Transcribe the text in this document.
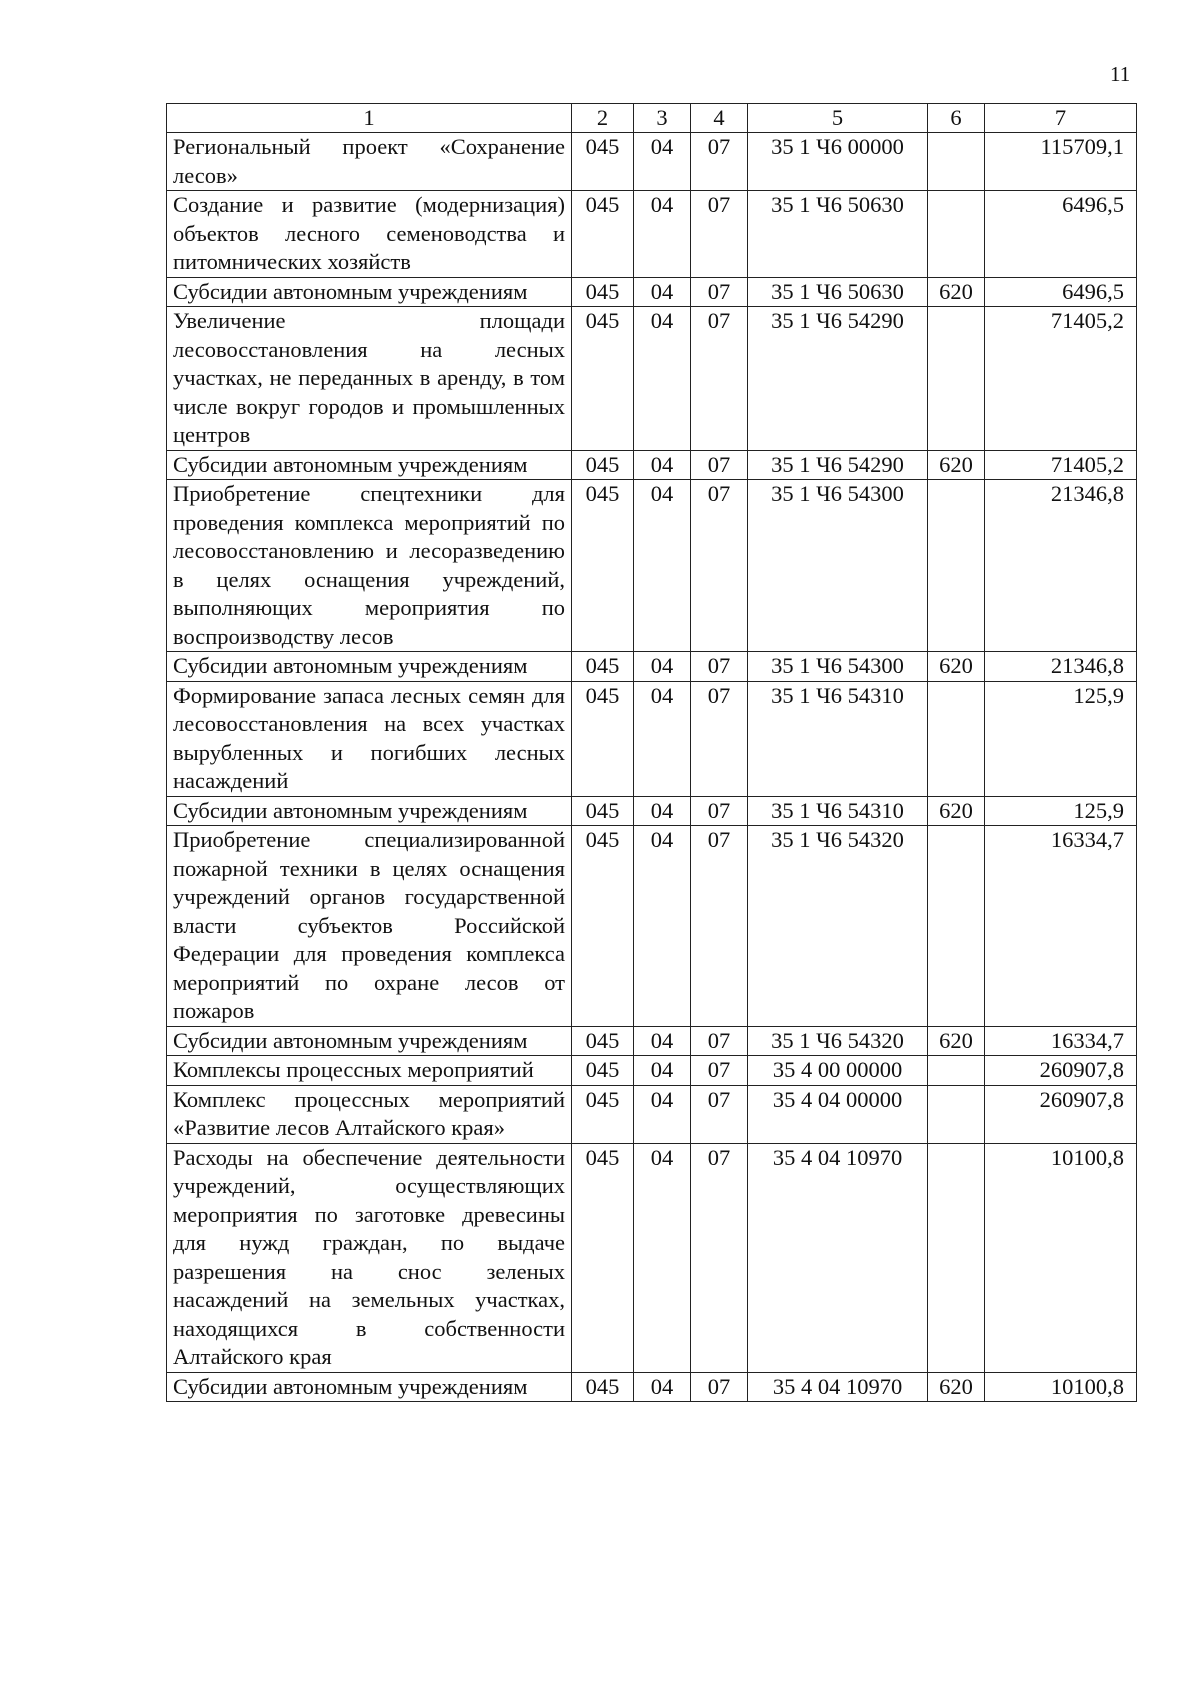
11
1	2	3	4	5	6	7
Региональный проект «Сохранение лесов»	045	04	07	35 1 Ч6 00000		115709,1
Создание и развитие (модернизация) объектов лесного семеноводства и питомнических хозяйств	045	04	07	35 1 Ч6 50630		6496,5
Субсидии автономным учреждениям	045	04	07	35 1 Ч6 50630	620	6496,5
Увеличение площади лесовосстановления на лесных участках, не переданных в аренду, в том числе вокруг городов и промышленных центров	045	04	07	35 1 Ч6 54290		71405,2
Субсидии автономным учреждениям	045	04	07	35 1 Ч6 54290	620	71405,2
Приобретение спецтехники для проведения комплекса мероприятий по лесовосстановлению и лесоразведению в целях оснащения учреждений, выполняющих мероприятия по воспроизводству лесов	045	04	07	35 1 Ч6 54300		21346,8
Субсидии автономным учреждениям	045	04	07	35 1 Ч6 54300	620	21346,8
Формирование запаса лесных семян для лесовосстановления на всех участках вырубленных и погибших лесных насаждений	045	04	07	35 1 Ч6 54310		125,9
Субсидии автономным учреждениям	045	04	07	35 1 Ч6 54310	620	125,9
Приобретение специализированной пожарной техники в целях оснащения учреждений органов государственной власти субъектов Российской Федерации для проведения комплекса мероприятий по охране лесов от пожаров	045	04	07	35 1 Ч6 54320		16334,7
Субсидии автономным учреждениям	045	04	07	35 1 Ч6 54320	620	16334,7
Комплексы процессных мероприятий	045	04	07	35 4 00 00000		260907,8
Комплекс процессных мероприятий «Развитие лесов Алтайского края»	045	04	07	35 4 04 00000		260907,8
Расходы на обеспечение деятельности учреждений, осуществляющих мероприятия по заготовке древесины для нужд граждан, по выдаче разрешения на снос зеленых насаждений на земельных участках, находящихся в собственности Алтайского края	045	04	07	35 4 04 10970		10100,8
Субсидии автономным учреждениям	045	04	07	35 4 04 10970	620	10100,8
